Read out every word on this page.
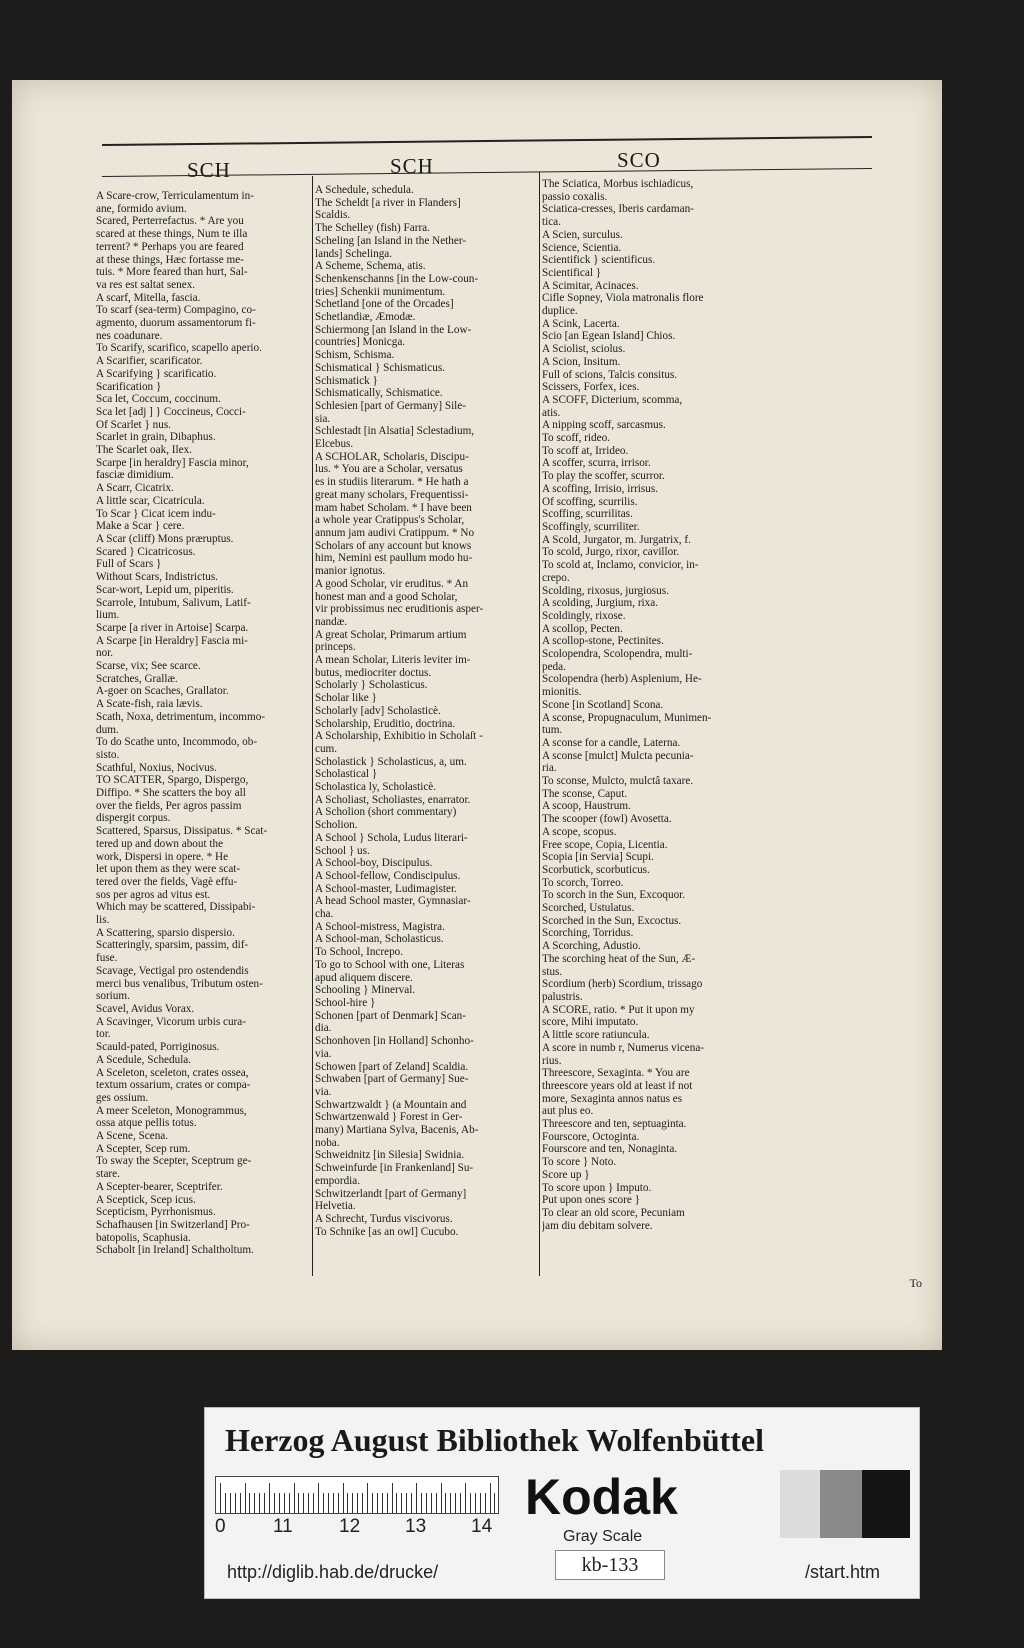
SCH	SCH	SCO
A Scare-crow, Terriculamentum in-
ane, formido avium.
Scared, Perterrefactus. * Are you
scared at these things, Num te illa
terrent? * Perhaps you are feared
at these things, Hæc fortasse me-
tuis. * More feared than hurt, Sal-
va res est saltat senex.
A scarf, Mitella, fascia.
To scarf (sea-term) Compagino, co-
agmento, duorum assamentorum fi-
nes coadunare.
To Scarify, scarifico, scapello aperio.
A Scarifier, scarificator.
A Scarifying } scarificatio.
Scarification }
Sca let, Coccum, coccinum.
Sca let [adj ] } Coccineus, Cocci-
Of Scarlet } nus.
Scarlet in grain, Dibaphus.
The Scarlet oak, Ilex.
Scarpe [in heraldry] Fascia minor,
fasciæ dimidium.
A Scarr, Cicatrix.
A little scar, Cicatricula.
To Scar } Cicat icem indu-
Make a Scar } cere.
A Scar (cliff) Mons præruptus.
Scared } Cicatricosus.
Full of Scars }
Without Scars, Indistrictus.
Scar-wort, Lepid um, piperitis.
Scarrole, Intubum, Salivum, Latif-
lium.
Scarpe [a river in Artoise] Scarpa.
A Scarpe [in Heraldry] Fascia mi-
nor.
Scarse, vix; See scarce.
Scratches, Grallæ.
A-goer on Scaches, Grallator.
A Scate-fish, raia lævis.
Scath, Noxa, detrimentum, incommo-
dum.
To do Scathe unto, Incommodo, ob-
sisto.
Scathful, Noxius, Nocivus.
TO SCATTER, Spargo, Dispergo,
Diffipo. * She scatters the boy all
over the fields, Per agros passim
dispergit corpus.
Scattered, Sparsus, Dissipatus. * Scat-
tered up and down about the
work, Dispersi in opere. * He
let upon them as they were scat-
tered over the fields, Vagè effu-
sos per agros ad vitus est.
Which may be scattered, Dissipabi-
lis.
A Scattering, sparsio dispersio.
Scatteringly, sparsim, passim, dif-
fuse.
Scavage, Vectigal pro ostendendis
merci bus venalibus, Tributum osten-
sorium.
Scavel, Avidus Vorax.
A Scavinger, Vicorum urbis cura-
tor.
Scauld-pated, Porriginosus.
A Scedule, Schedula.
A Sceleton, sceleton, crates ossea,
textum ossarium, crates or compa-
ges ossium.
A meer Sceleton, Monogrammus,
ossa atque pellis totus.
A Scene, Scena.
A Scepter, Scep rum.
To sway the Scepter, Sceptrum ge-
stare.
A Scepter-bearer, Sceptrifer.
A Sceptick, Scep icus.
Scepticism, Pyrrhonismus.
Schafhausen [in Switzerland] Pro-
batopolis, Scaphusia.
Schabolt [in Ireland] Schaltholtum.
A Schedule, schedula.
The Scheldt [a river in Flanders]
Scaldis.
The Schelley (fish) Farra.
Scheling [an Island in the Nether-
lands] Schelinga.
A Scheme, Schema, atis.
Schenkenschanns [in the Low-coun-
tries] Schenkii munimentum.
Schetland [one of the Orcades]
Schetlandiæ, Æmodæ.
Schiermong [an Island in the Low-
countries] Monicga.
Schism, Schisma.
Schismatical } Schismaticus.
Schismatick }
Schismatically, Schismatice.
Schlesien [part of Germany] Sile-
sia.
Schlestadt [in Alsatia] Sclestadium,
Elcebus.
A SCHOLAR, Scholaris, Discipu-
lus. * You are a Scholar, versatus
es in studiis literarum. * He hath a
great many scholars, Frequentissi-
mam habet Scholam. * I have been
a whole year Cratippus's Scholar,
annum jam audivi Cratippum. * No
Scholars of any account but knows
him, Nemini est paullum modo hu-
manior ignotus.
A good Scholar, vir eruditus. * An
honest man and a good Scholar,
vir probissimus nec eruditionis asper-
nandæ.
A great Scholar, Primarum artium
princeps.
A mean Scholar, Literis leviter im-
butus, mediocriter doctus.
Scholarly } Scholasticus.
Scholar like }
Scholarly [adv] Scholasticè.
Scholarship, Eruditio, doctrina.
A Scholarship, Exhibitio in Scholaſt -
cum.
Scholastick } Scholasticus, a, um.
Scholastical }
Scholastica ly, Scholasticè.
A Scholiast, Scholiastes, enarrator.
A Scholion (short commentary)
Scholion.
A School } Schola, Ludus literari-
School } us.
A School-boy, Discipulus.
A School-fellow, Condiscipulus.
A School-master, Ludimagister.
A head School master, Gymnasiar-
cha.
A School-mistress, Magistra.
A School-man, Scholasticus.
To School, Increpo.
To go to School with one, Literas
apud aliquem discere.
Schooling } Minerval.
School-hire }
Schonen [part of Denmark] Scan-
dia.
Schonhoven [in Holland] Schonho-
via.
Schowen [part of Zeland] Scaldia.
Schwaben [part of Germany] Sue-
via.
Schwartzwaldt } (a Mountain and
Schwartzenwald } Forest in Ger-
many) Martiana Sylva, Bacenis, Ab-
noba.
Schweidnitz [in Silesia] Swidnia.
Schweinfurde [in Frankenland] Su-
empordia.
Schwitzerlandt [part of Germany]
Helvetia.
A Schrecht, Turdus viscivorus.
To Schnike [as an owl] Cucubo.
The Sciatica, Morbus ischiadicus,
passio coxalis.
Sciatica-cresses, Iberis cardaman-
tica.
A Scien, surculus.
Science, Scientia.
Scientifick } scientificus.
Scientifical }
A Scimitar, Acinaces.
Cifle Sopney, Viola matronalis flore
duplice.
A Scink, Lacerta.
Scio [an Egean Island] Chios.
A Sciolist, sciolus.
A Scion, Insitum.
Full of scions, Talcis consitus.
Scissers, Forfex, ices.
A SCOFF, Dicterium, scomma,
atis.
A nipping scoff, sarcasmus.
To scoff, rideo.
To scoff at, Irrideo.
A scoffer, scurra, irrisor.
To play the scoffer, scurror.
A scoffing, Irrisio, irrisus.
Of scoffing, scurrilis.
Scoffing, scurrilitas.
Scoffingly, scurriliter.
A Scold, Jurgator, m. Jurgatrix, f.
To scold, Jurgo, rixor, cavillor.
To scold at, Inclamo, convicior, in-
crepo.
Scolding, rixosus, jurgiosus.
A scolding, Jurgium, rixa.
Scoldingly, rixose.
A scollop, Pecten.
A scollop-stone, Pectinites.
Scolopendra, Scolopendra, multi-
peda.
Scolopendra (herb) Asplenium, He-
mionitis.
Scone [in Scotland] Scona.
A sconse, Propugnaculum, Munimen-
tum.
A sconse for a candle, Laterna.
A sconse [mulct] Mulcta pecunia-
ria.
To sconse, Mulcto, mulctâ taxare.
The sconse, Caput.
A scoop, Haustrum.
The scooper (fowl) Avosetta.
A scope, scopus.
Free scope, Copia, Licentia.
Scopia [in Servia] Scupi.
Scorbutick, scorbuticus.
To scorch, Torreo.
To scorch in the Sun, Excoquor.
Scorched, Ustulatus.
Scorched in the Sun, Excoctus.
Scorching, Torridus.
A Scorching, Adustio.
The scorching heat of the Sun, Æ-
stus.
Scordium (herb) Scordium, trissago
palustris.
A SCORE, ratio. * Put it upon my
score, Mihi imputato.
A little score ratiuncula.
A score in numb r, Numerus vicena-
rius.
Threescore, Sexaginta. * You are
threescore years old at least if not
more, Sexaginta annos natus es
aut plus eo.
Threescore and ten, septuaginta.
Fourscore, Octoginta.
Fourscore and ten, Nonaginta.
To score } Noto.
Score up }
To score upon } Imputo.
Put upon ones score }
To clear an old score, Pecuniam
jam diu debitam solvere.
To
Herzog August Bibliothek Wolfenbüttel
0 11 12 13 14
Kodak
Gray Scale
http://diglib.hab.de/drucke/	kb-133	/start.htm
